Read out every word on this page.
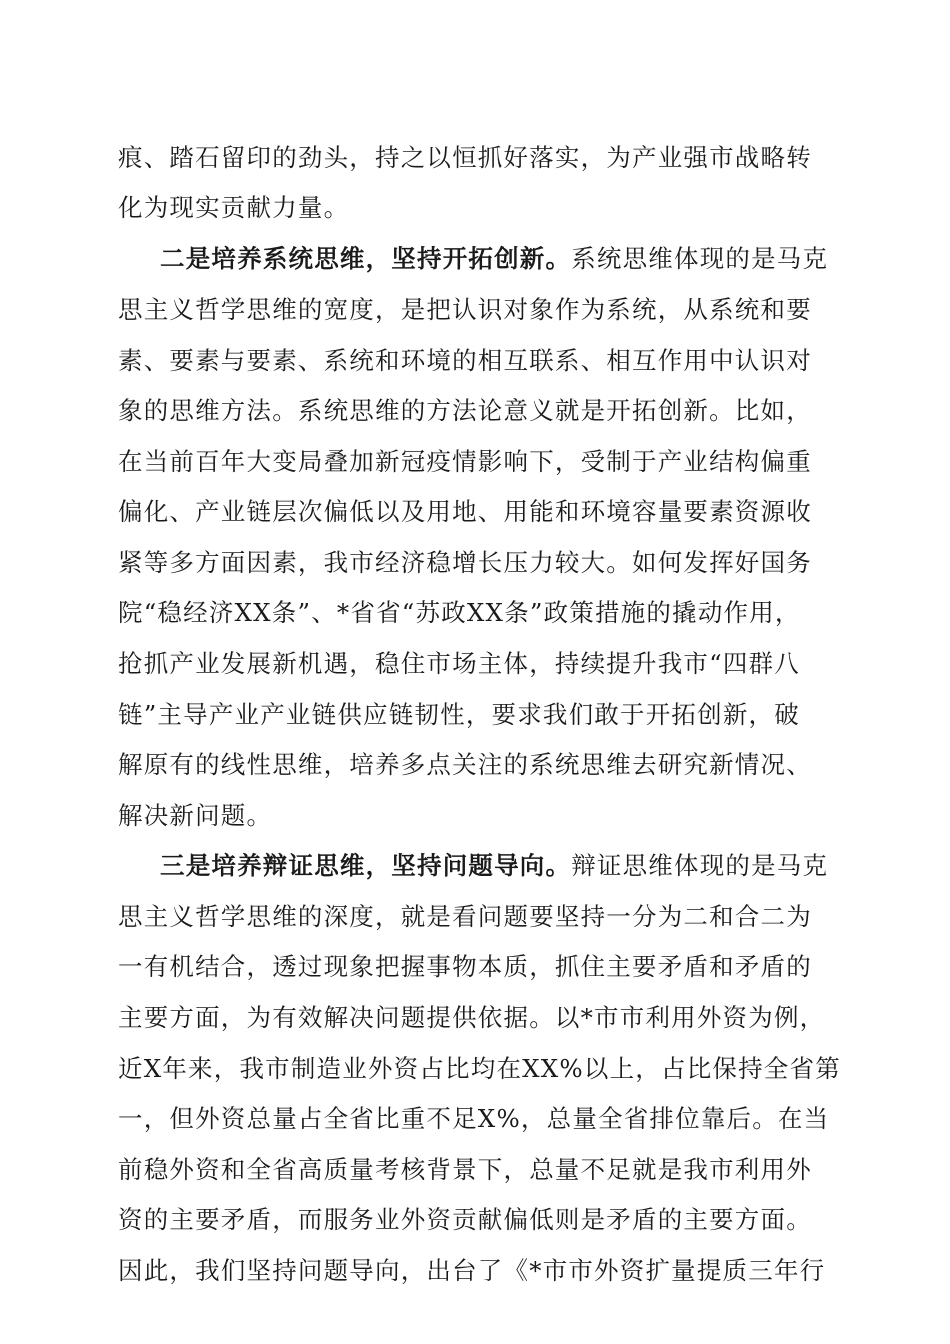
痕、踏石留印的劲头，持之以恒抓好落实，为产业强市战略转
化为现实贡献力量。
二是培养系统思维，坚持开拓创新。系统思维体现的是马克
思主义哲学思维的宽度，是把认识对象作为系统，从系统和要
素、要素与要素、系统和环境的相互联系、相互作用中认识对
象的思维方法。系统思维的方法论意义就是开拓创新。比如，
在当前百年大变局叠加新冠疫情影响下，受制于产业结构偏重
偏化、产业链层次偏低以及用地、用能和环境容量要素资源收
紧等多方面因素，我市经济稳增长压力较大。如何发挥好国务
院“稳经济XX条”、*省省“苏政XX条”政策措施的撬动作用，
抢抓产业发展新机遇，稳住市场主体，持续提升我市“四群八
链”主导产业产业链供应链韧性，要求我们敢于开拓创新，破
解原有的线性思维，培养多点关注的系统思维去研究新情况、
解决新问题。
三是培养辩证思维，坚持问题导向。辩证思维体现的是马克
思主义哲学思维的深度，就是看问题要坚持一分为二和合二为
一有机结合，透过现象把握事物本质，抓住主要矛盾和矛盾的
主要方面，为有效解决问题提供依据。以*市市利用外资为例，
近X年来，我市制造业外资占比均在XX%以上，占比保持全省第
一，但外资总量占全省比重不足X%，总量全省排位靠后。在当
前稳外资和全省高质量考核背景下，总量不足就是我市利用外
资的主要矛盾，而服务业外资贡献偏低则是矛盾的主要方面。
因此，我们坚持问题导向，出台了《*市市外资扩量提质三年行
